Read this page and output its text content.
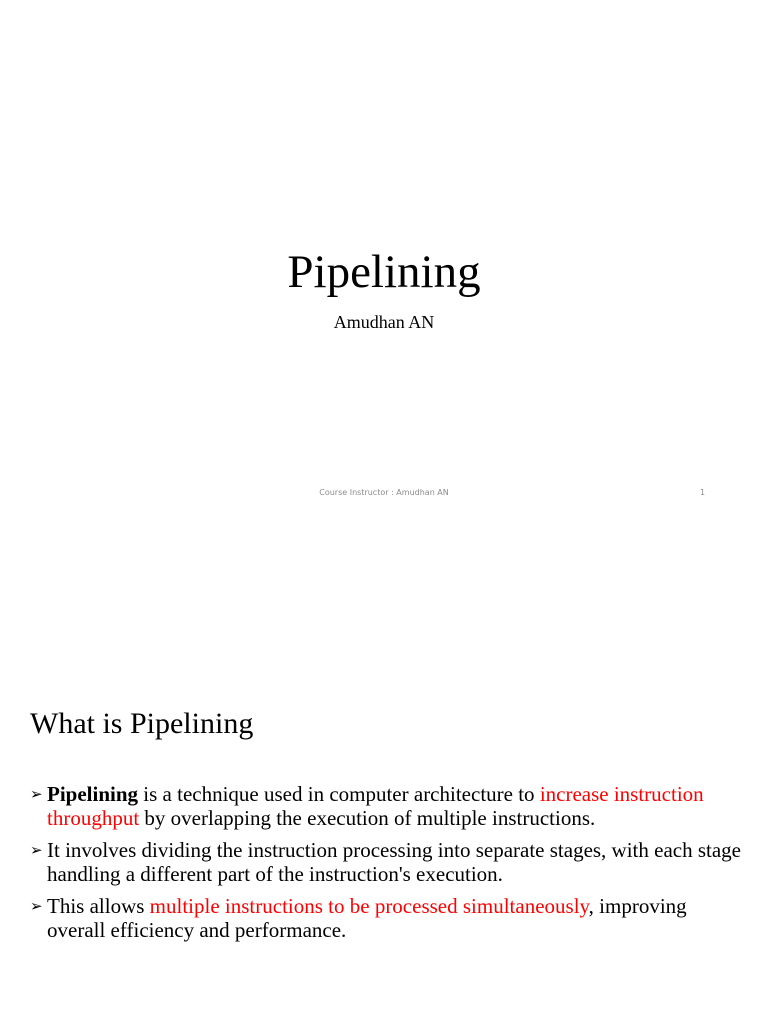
Pipelining
Amudhan AN
Course Instructor : Amudhan AN	1
What is Pipelining
➢ Pipelining is a technique used in computer architecture to increase instruction throughput by overlapping the execution of multiple instructions.
➢ It involves dividing the instruction processing into separate stages, with each stage handling a different part of the instruction's execution.
➢ This allows multiple instructions to be processed simultaneously, improving overall efficiency and performance.
